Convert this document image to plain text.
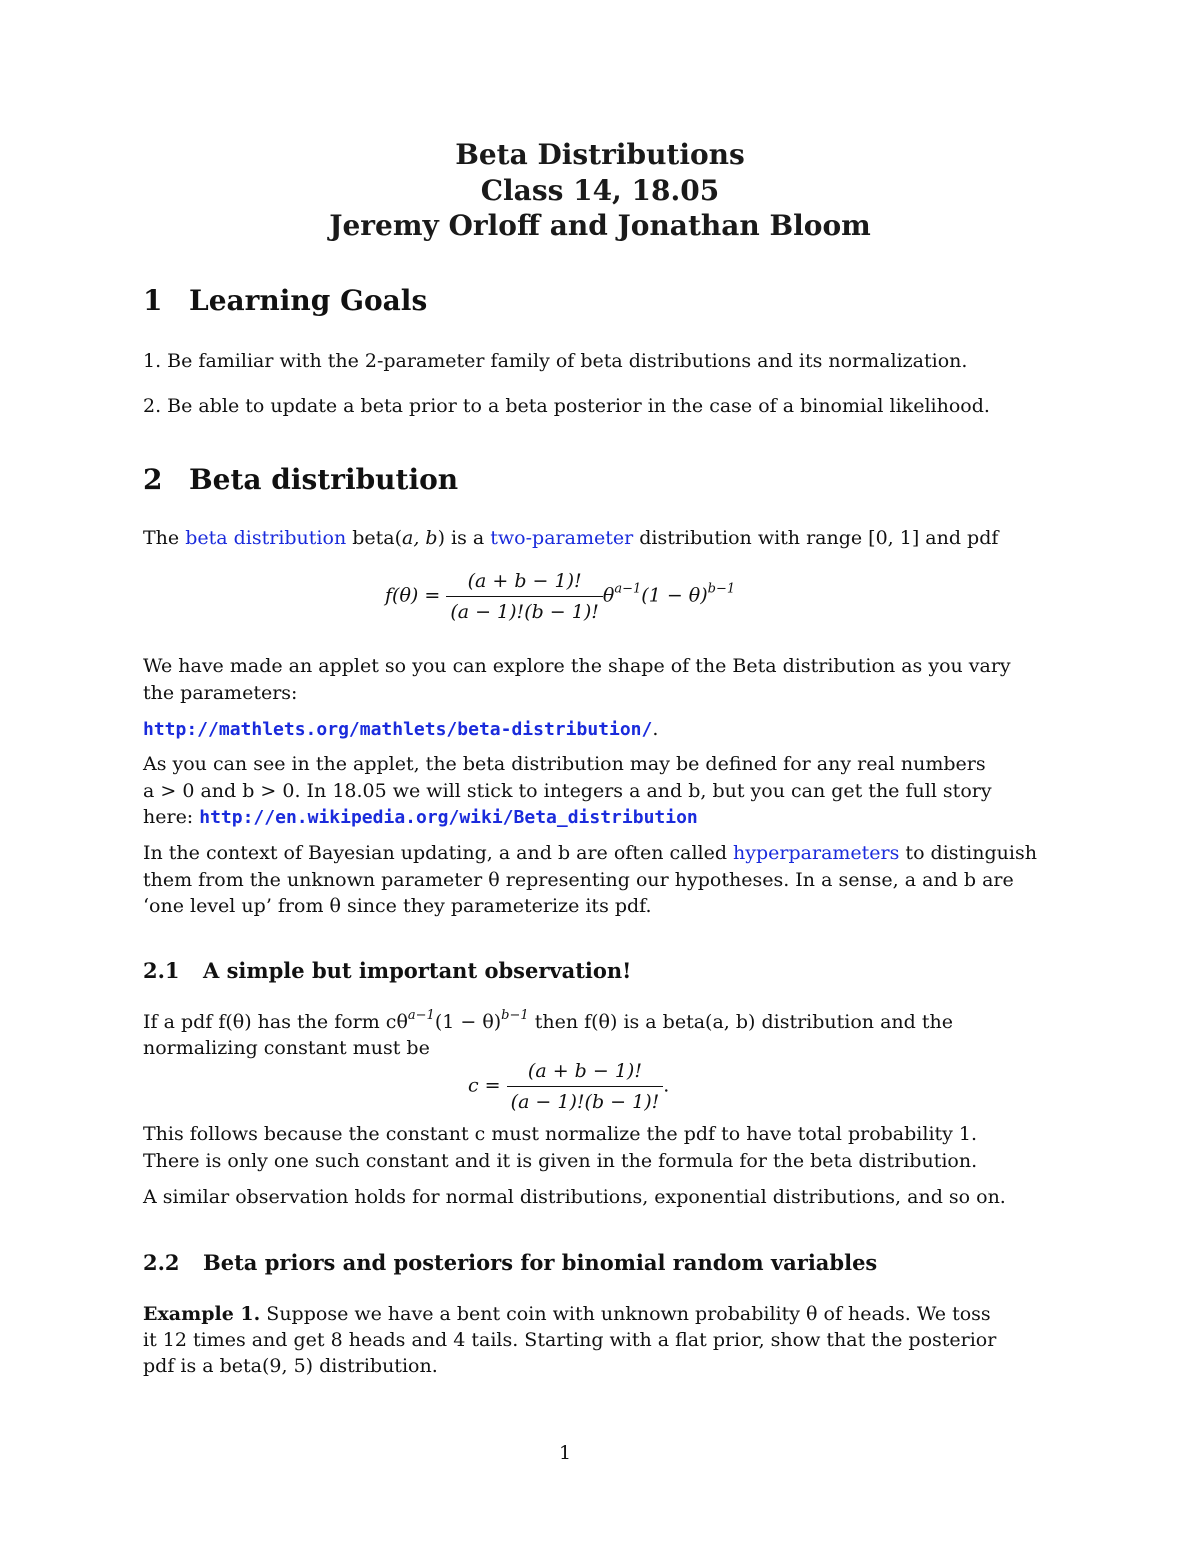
Beta Distributions
Class 14, 18.05
Jeremy Orloff and Jonathan Bloom
1 Learning Goals
1. Be familiar with the 2-parameter family of beta distributions and its normalization.
2. Be able to update a beta prior to a beta posterior in the case of a binomial likelihood.
2 Beta distribution
The beta distribution beta(a, b) is a two-parameter distribution with range [0, 1] and pdf
$f(\theta) = \frac{(a + b - 1)!}{(a - 1)!(b - 1)!} \theta^{a-1}(1 - \theta)^{b-1}$
We have made an applet so you can explore the shape of the Beta distribution as you vary
the parameters:
http://mathlets.org/mathlets/beta-distribution/.
As you can see in the applet, the beta distribution may be defined for any real numbers
a > 0 and b > 0. In 18.05 we will stick to integers a and b, but you can get the full story
here: http://en.wikipedia.org/wiki/Beta_distribution
In the context of Bayesian updating, a and b are often called hyperparameters to distinguish
them from the unknown parameter θ representing our hypotheses. In a sense, a and b are
‘one level up’ from θ since they parameterize its pdf.
2.1 A simple but important observation!
If a pdf f(θ) has the form $c\theta^{a-1}(1 - \theta)^{b-1}$ then f(θ) is a beta(a, b) distribution and the
normalizing constant must be
$c = \frac{(a + b - 1)!}{(a - 1)!(b - 1)!}$ .
This follows because the constant c must normalize the pdf to have total probability 1.
There is only one such constant and it is given in the formula for the beta distribution.
A similar observation holds for normal distributions, exponential distributions, and so on.
2.2 Beta priors and posteriors for binomial random variables
Example 1. Suppose we have a bent coin with unknown probability θ of heads. We toss
it 12 times and get 8 heads and 4 tails. Starting with a flat prior, show that the posterior
pdf is a beta(9, 5) distribution.
1
